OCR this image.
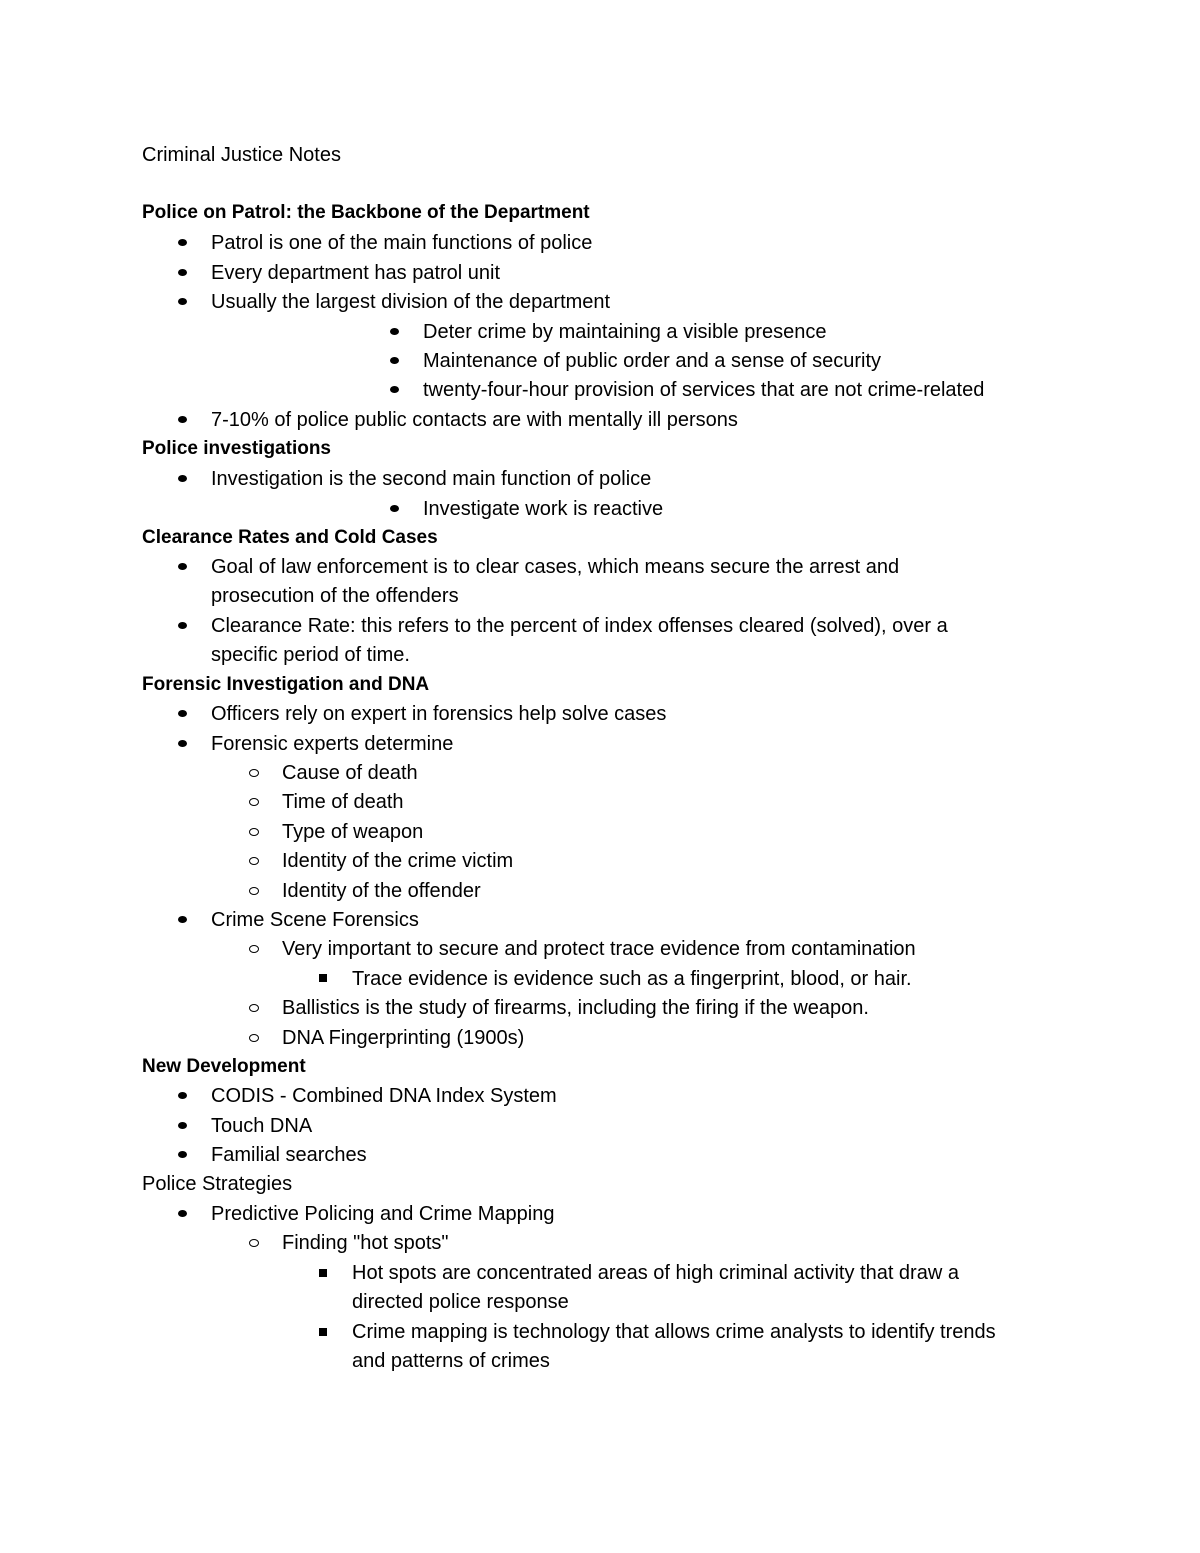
Criminal Justice Notes
Police on Patrol: the Backbone of the Department
Patrol is one of the main functions of police
Every department has patrol unit
Usually the largest division of the department
Deter crime by maintaining a visible presence
Maintenance of public order and a sense of security
twenty-four-hour provision of services that are not crime-related
7-10% of police public contacts are with mentally ill persons
Police investigations
Investigation is the second main function of police
Investigate work is reactive
Clearance Rates and Cold Cases
Goal of law enforcement is to clear cases, which means secure the arrest and
prosecution of the offenders
Clearance Rate: this refers to the percent of index offenses cleared (solved), over a
specific period of time.
Forensic Investigation and DNA
Officers rely on expert in forensics help solve cases
Forensic experts determine
Cause of death
Time of death
Type of weapon
Identity of the crime victim
Identity of the offender
Crime Scene Forensics
Very important to secure and protect trace evidence from contamination
Trace evidence is evidence such as a fingerprint, blood, or hair.
Ballistics is the study of firearms, including the firing if the weapon.
DNA Fingerprinting (1900s)
New Development
CODIS - Combined DNA Index System
Touch DNA
Familial searches
Police Strategies
Predictive Policing and Crime Mapping
Finding "hot spots"
Hot spots are concentrated areas of high criminal activity that draw a
directed police response
Crime mapping is technology that allows crime analysts to identify trends
and patterns of crimes
